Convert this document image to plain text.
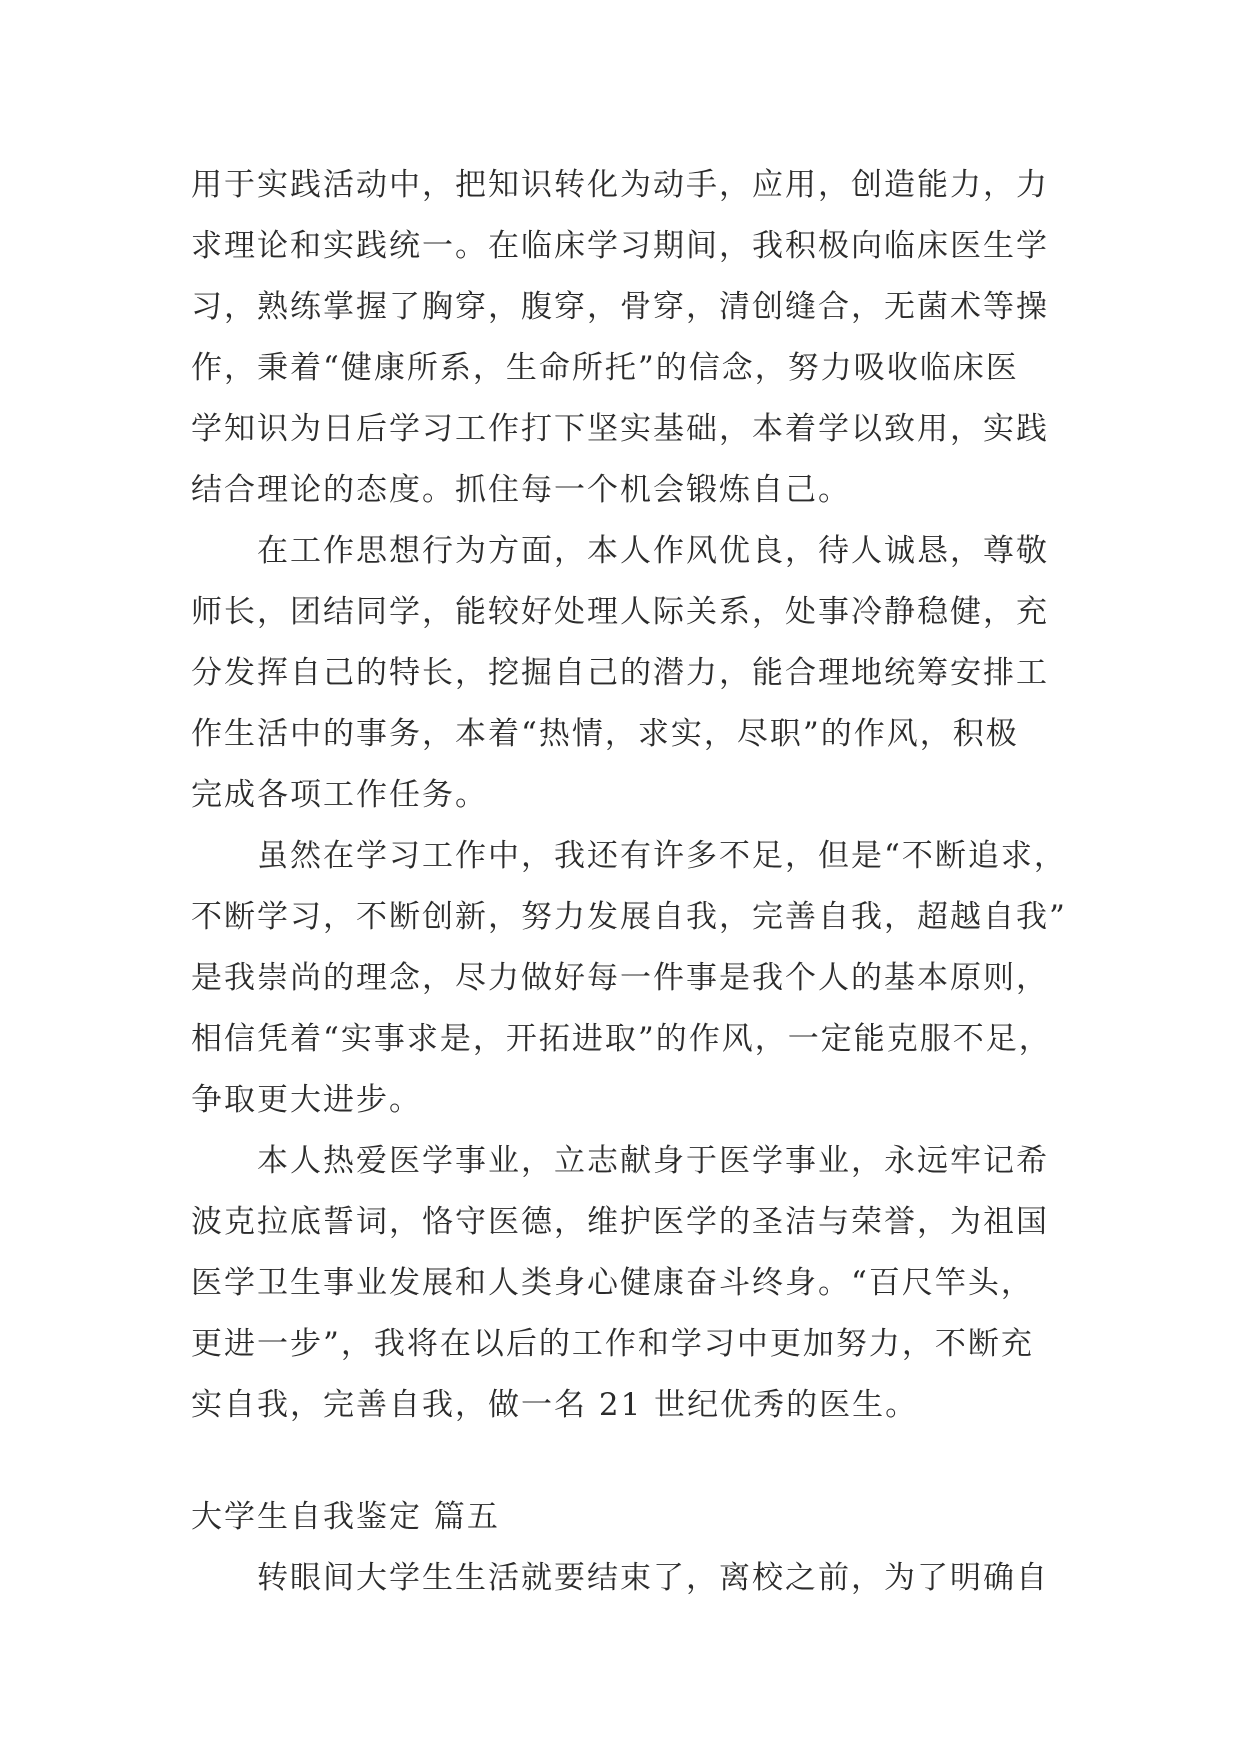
用于实践活动中，把知识转化为动手，应用，创造能力，力
求理论和实践统一。在临床学习期间，我积极向临床医生学
习，熟练掌握了胸穿，腹穿，骨穿，清创缝合，无菌术等操
作，秉着“健康所系，生命所托”的信念，努力吸收临床医
学知识为日后学习工作打下坚实基础，本着学以致用，实践
结合理论的态度。抓住每一个机会锻炼自己。
在工作思想行为方面，本人作风优良，待人诚恳，尊敬
师长，团结同学，能较好处理人际关系，处事冷静稳健，充
分发挥自己的特长，挖掘自己的潜力，能合理地统筹安排工
作生活中的事务，本着“热情，求实，尽职”的作风，积极
完成各项工作任务。
虽然在学习工作中，我还有许多不足，但是“不断追求，
不断学习，不断创新，努力发展自我，完善自我，超越自我”
是我崇尚的理念，尽力做好每一件事是我个人的基本原则，
相信凭着“实事求是，开拓进取”的作风，一定能克服不足，
争取更大进步。
本人热爱医学事业，立志献身于医学事业，永远牢记希
波克拉底誓词，恪守医德，维护医学的圣洁与荣誉，为祖国
医学卫生事业发展和人类身心健康奋斗终身。“百尺竿头，
更进一步”，我将在以后的工作和学习中更加努力，不断充
实自我，完善自我，做一名 21 世纪优秀的医生。
大学生自我鉴定 篇五
转眼间大学生生活就要结束了，离校之前，为了明确自
